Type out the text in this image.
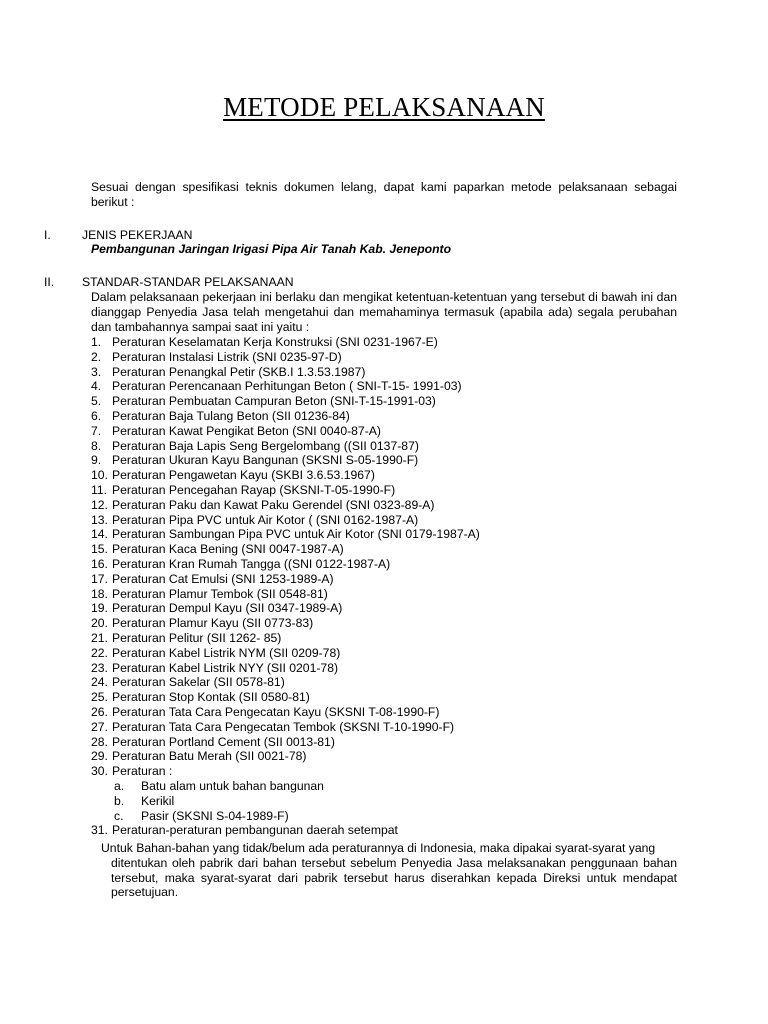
METODE PELAKSANAAN
Sesuai dengan spesifikasi teknis dokumen lelang, dapat kami paparkan metode pelaksanaan sebagai berikut :
I.	JENIS PEKERJAAN
Pembangunan Jaringan Irigasi Pipa Air Tanah Kab. Jeneponto
II. STANDAR-STANDAR PELAKSANAAN
Dalam pelaksanaan pekerjaan ini berlaku dan mengikat ketentuan-ketentuan yang tersebut di bawah ini dan dianggap Penyedia Jasa telah mengetahui dan memahaminya termasuk (apabila ada) segala perubahan dan tambahannya sampai saat ini yaitu :
1. Peraturan Keselamatan Kerja Konstruksi (SNI 0231-1967-E)
2. Peraturan Instalasi Listrik (SNI 0235-97-D)
3. Peraturan Penangkal Petir (SKB.I 1.3.53.1987)
4. Peraturan Perencanaan Perhitungan Beton ( SNI-T-15- 1991-03)
5. Peraturan Pembuatan Campuran Beton (SNI-T-15-1991-03)
6. Peraturan Baja Tulang Beton (SII 01236-84)
7. Peraturan Kawat Pengikat Beton (SNI 0040-87-A)
8. Peraturan Baja Lapis Seng Bergelombang ((SII 0137-87)
9. Peraturan Ukuran Kayu Bangunan (SKSNI S-05-1990-F)
10. Peraturan Pengawetan Kayu (SKBI 3.6.53.1967)
11. Peraturan Pencegahan Rayap (SKSNI-T-05-1990-F)
12. Peraturan Paku dan Kawat Paku Gerendel (SNI 0323-89-A)
13. Peraturan Pipa PVC untuk Air Kotor ( (SNI 0162-1987-A)
14. Peraturan Sambungan Pipa PVC untuk Air Kotor (SNI 0179-1987-A)
15. Peraturan Kaca Bening (SNI 0047-1987-A)
16. Peraturan Kran Rumah Tangga ((SNI 0122-1987-A)
17. Peraturan Cat Emulsi (SNI 1253-1989-A)
18. Peraturan Plamur Tembok (SII 0548-81)
19. Peraturan Dempul Kayu (SII 0347-1989-A)
20. Peraturan Plamur Kayu (SII 0773-83)
21. Peraturan Pelitur (SII 1262- 85)
22. Peraturan Kabel Listrik NYM (SII 0209-78)
23. Peraturan Kabel Listrik NYY (SII 0201-78)
24. Peraturan Sakelar (SII 0578-81)
25. Peraturan Stop Kontak (SII 0580-81)
26. Peraturan Tata Cara Pengecatan Kayu (SKSNI T-08-1990-F)
27. Peraturan Tata Cara Pengecatan Tembok (SKSNI T-10-1990-F)
28. Peraturan Portland Cement (SII 0013-81)
29. Peraturan Batu Merah (SII 0021-78)
30. Peraturan :
a. Batu alam untuk bahan bangunan
b. Kerikil
c. Pasir (SKSNI S-04-1989-F)
31. Peraturan-peraturan pembangunan daerah setempat
Untuk Bahan-bahan yang tidak/belum ada peraturannya di Indonesia, maka dipakai syarat-syarat yang
ditentukan oleh pabrik dari bahan tersebut sebelum Penyedia Jasa melaksanakan penggunaan bahan tersebut, maka syarat-syarat dari pabrik tersebut harus diserahkan kepada Direksi untuk mendapat persetujuan.
